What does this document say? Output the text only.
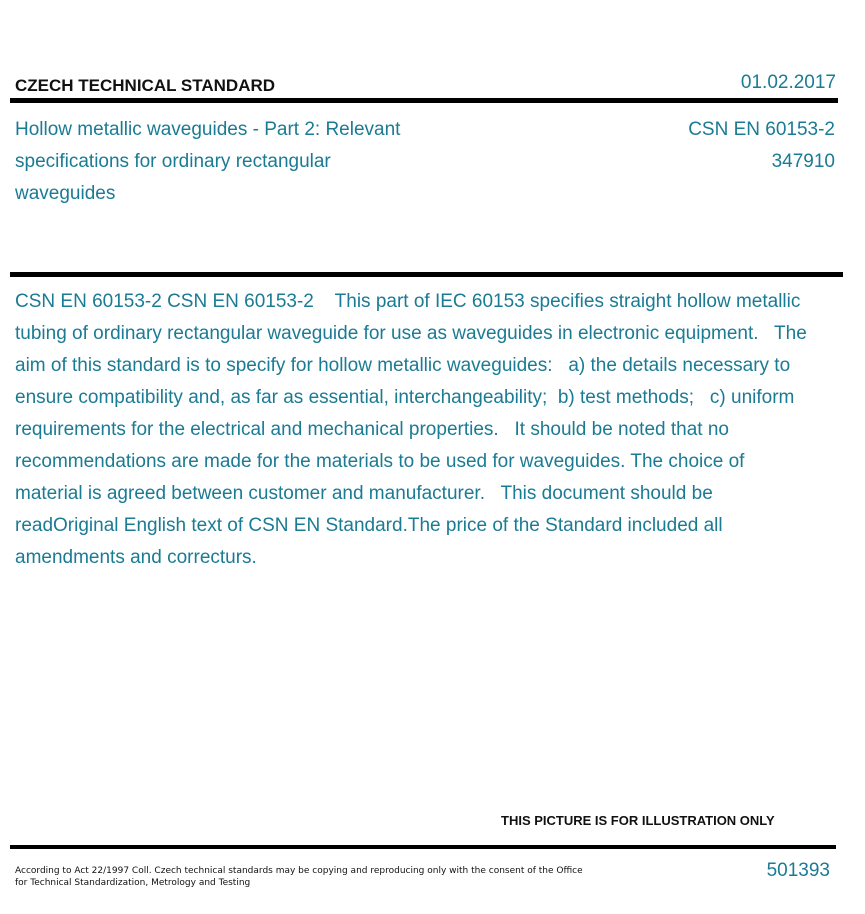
CZECH TECHNICAL STANDARD	01.02.2017
Hollow metallic waveguides - Part 2: Relevant specifications for ordinary rectangular waveguides
CSN EN 60153-2
347910
CSN EN 60153-2 CSN EN 60153-2    This part of IEC 60153 specifies straight hollow metallic tubing of ordinary rectangular waveguide for use as waveguides in electronic equipment.   The aim of this standard is to specify for hollow metallic waveguides:   a) the details necessary to ensure compatibility and, as far as essential, interchangeability;  b) test methods;   c) uniform requirements for the electrical and mechanical properties.   It should be noted that no recommendations are made for the materials to be used for waveguides. The choice of material is agreed between customer and manufacturer.   This document should be readOriginal English text of CSN EN Standard.The price of the Standard included all amendments and correcturs.
THIS PICTURE IS FOR ILLUSTRATION ONLY
According to Act 22/1997 Coll. Czech technical standards may be copying and reproducing only with the consent of the Office for Technical Standardization, Metrology and Testing
501393
